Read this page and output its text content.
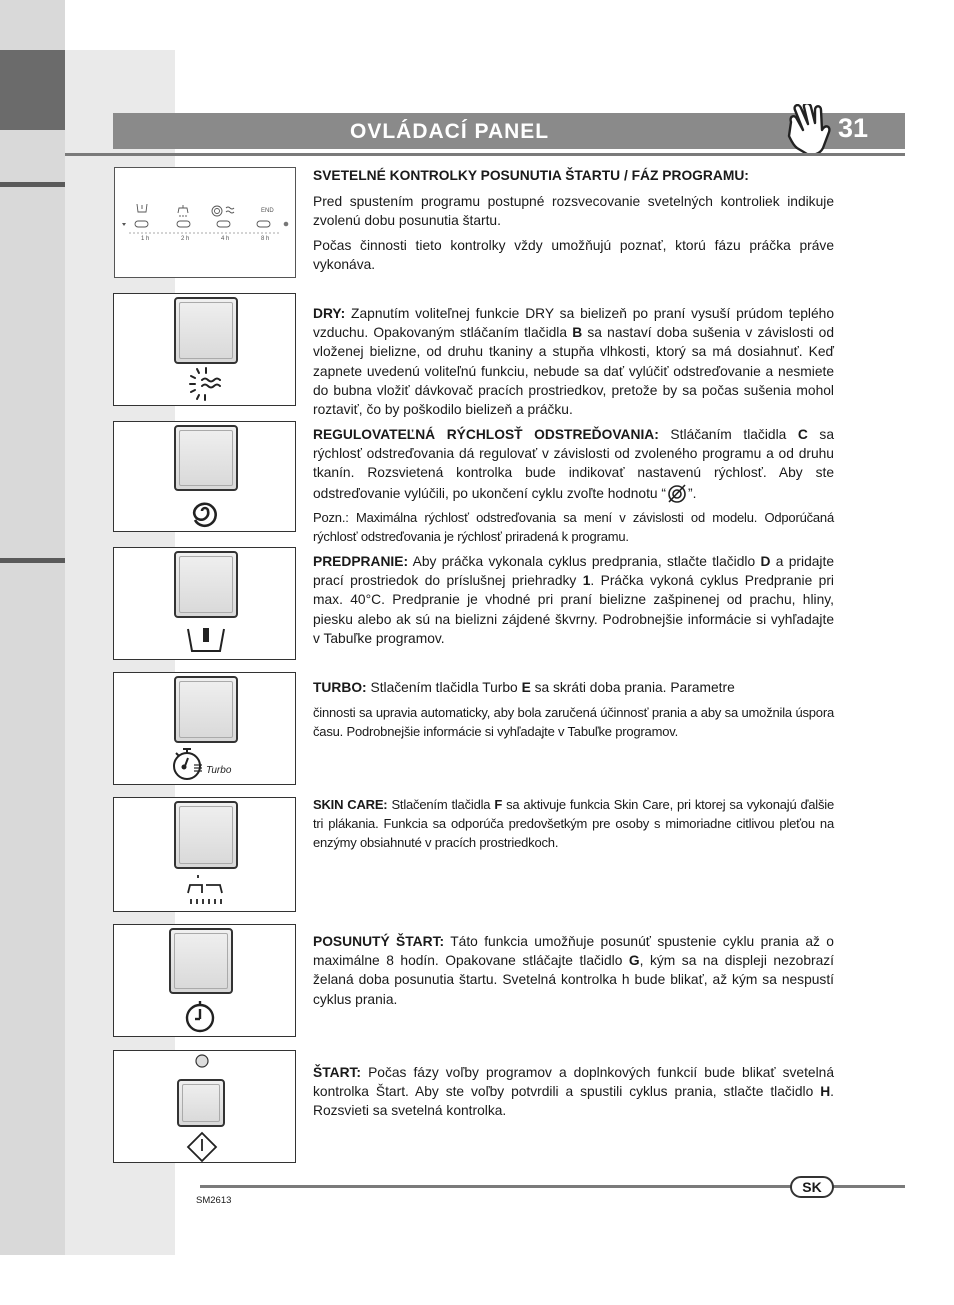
OVLÁDACÍ PANEL	31
END
1 h	2 h	4 h	8 h
Turbo

SVETELNÉ KONTROLKY POSUNUTIA ŠTARTU / FÁZ PROGRAMU:

Pred spustením programu postupné rozsvecovanie svetelných kontroliek indikuje zvolenú dobu posunutia štartu.

Počas činnosti tieto kontrolky vždy umožňujú poznať, ktorú fázu práčka práve vykonáva.

DRY: Zapnutím voliteľnej funkcie DRY sa bielizeň po praní vysuší prúdom teplého vzduchu. Opakovaným stláčaním tlačidla B sa nastaví doba sušenia v závislosti od vloženej bielizne, od druhu tkaniny a stupňa vlhkosti, ktorý sa má dosiahnuť. Keď zapnete uvedenú voliteľnú funkciu, nebude sa dať vylúčiť odstreďovanie a nesmiete do bubna vložiť dávkovač pracích prostriedkov, pretože by sa počas sušenia mohol roztaviť, čo by poškodilo bielizeň a práčku.

REGULOVATEĽNÁ RÝCHLOSŤ ODSTREĎOVANIA: Stláčaním tlačidla C sa rýchlosť odstreďovania dá regulovať v závislosti od zvoleného programu a od druhu tkanín. Rozsvietená kontrolka bude indikovať nastavenú rýchlosť. Aby ste odstreďovanie vylúčili, po ukončení cyklu zvoľte hodnotu “ ”.

Pozn.: Maximálna rýchlosť odstreďovania sa mení v závislosti od modelu. Odporúčaná rýchlosť odstreďovania je rýchlosť priradená k programu.

PREDPRANIE: Aby práčka vykonala cyklus predprania, stlačte tlačidlo D a pridajte prací prostriedok do príslušnej priehradky 1. Práčka vykoná cyklus Predpranie pri max. 40°C. Predpranie je vhodné pri praní bielizne zašpinenej od prachu, hliny, piesku alebo ak sú na bielizni zájdené škvrny. Podrobnejšie informácie si vyhľadajte v Tabuľke programov.

TURBO: Stlačením tlačidla Turbo E sa skráti doba prania. Parametre

činnosti sa upravia automaticky, aby bola zaručená účinnosť prania a aby sa umožnila úspora času. Podrobnejšie informácie si vyhľadajte v Tabuľke programov.

SKIN CARE: Stlačením tlačidla F sa aktivuje funkcia Skin Care, pri ktorej sa vykonajú ďalšie tri plákania. Funkcia sa odporúča predovšetkým pre osoby s mimoriadne citlivou pleťou na enzýmy obsiahnuté v pracích prostriedkoch.

POSUNUTÝ ŠTART: Táto funkcia umožňuje posunúť spustenie cyklu prania až o maximálne 8 hodín. Opakovane stláčajte tlačidlo G, kým sa na displeji nezobrazí želaná doba posunutia štartu. Svetelná kontrolka h bude blikať, až kým sa nespustí cyklus prania.

ŠTART: Počas fázy voľby programov a doplnkových funkcií bude blikať svetelná kontrolka Štart. Aby ste voľby potvrdili a spustili cyklus prania, stlačte tlačidlo H. Rozsvieti sa svetelná kontrolka.

SK
SM2613
